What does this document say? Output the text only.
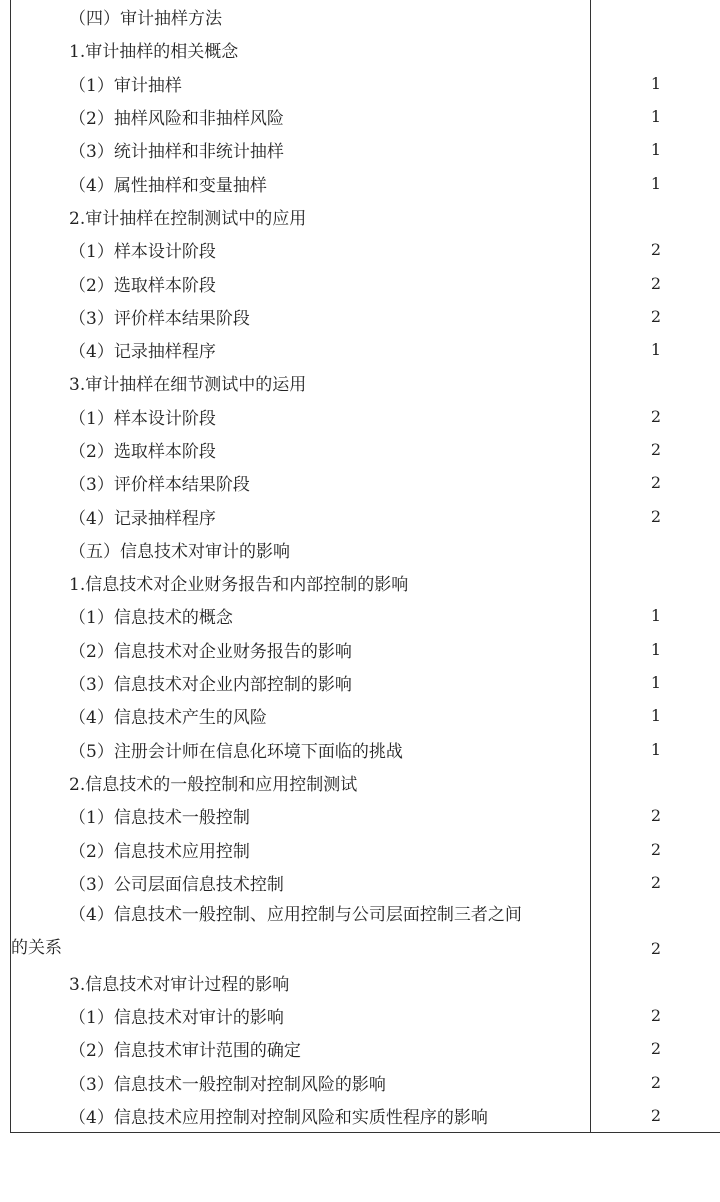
（四）审计抽样方法
1.审计抽样的相关概念
（1）审计抽样	1
（2）抽样风险和非抽样风险	1
（3）统计抽样和非统计抽样	1
（4）属性抽样和变量抽样	1
2.审计抽样在控制测试中的应用
（1）样本设计阶段	2
（2）选取样本阶段	2
（3）评价样本结果阶段	2
（4）记录抽样程序	1
3.审计抽样在细节测试中的运用
（1）样本设计阶段	2
（2）选取样本阶段	2
（3）评价样本结果阶段	2
（4）记录抽样程序	2
（五）信息技术对审计的影响
1.信息技术对企业财务报告和内部控制的影响
（1）信息技术的概念	1
（2）信息技术对企业财务报告的影响	1
（3）信息技术对企业内部控制的影响	1
（4）信息技术产生的风险	1
（5）注册会计师在信息化环境下面临的挑战	1
2.信息技术的一般控制和应用控制测试
（1）信息技术一般控制	2
（2）信息技术应用控制	2
（3）公司层面信息技术控制	2
（4）信息技术一般控制、应用控制与公司层面控制三者之间的关系	2
3.信息技术对审计过程的影响
（1）信息技术对审计的影响	2
（2）信息技术审计范围的确定	2
（3）信息技术一般控制对控制风险的影响	2
（4）信息技术应用控制对控制风险和实质性程序的影响	2
